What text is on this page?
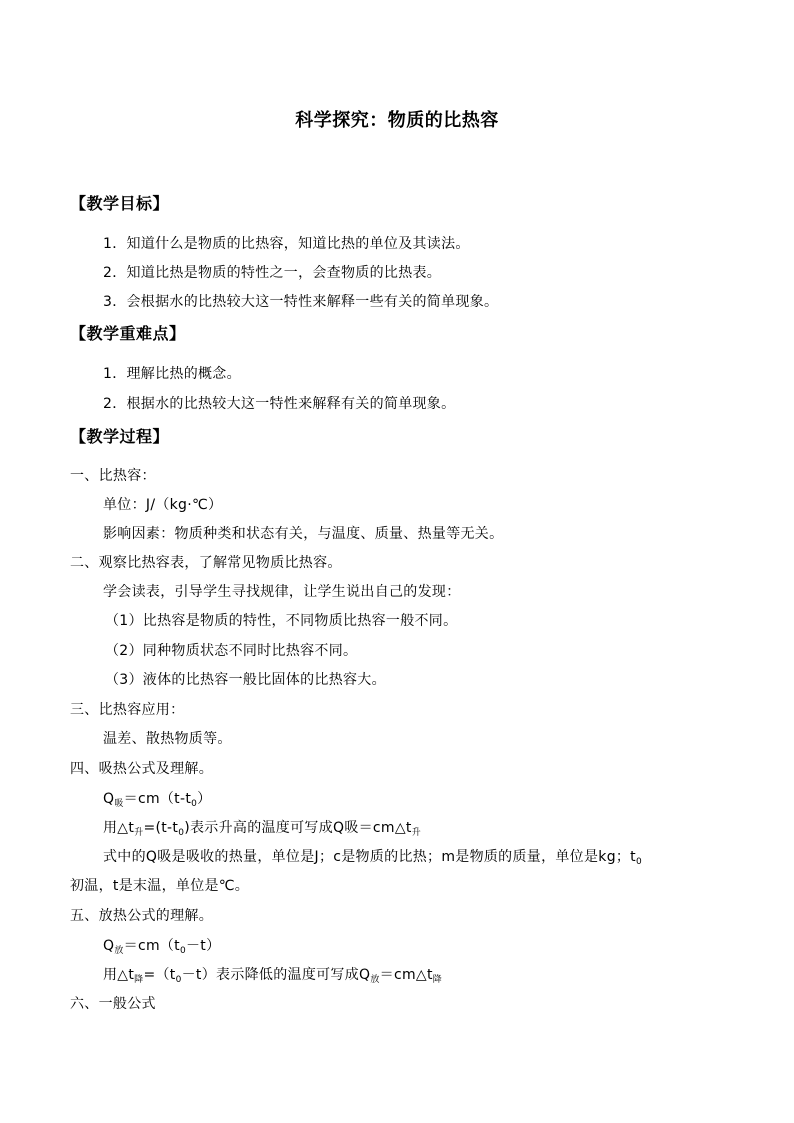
科学探究：物质的比热容
【教学目标】
1．知道什么是物质的比热容，知道比热的单位及其读法。
2．知道比热是物质的特性之一，会查物质的比热表。
3．会根据水的比热较大这一特性来解释一些有关的简单现象。
【教学重难点】
1．理解比热的概念。
2．根据水的比热较大这一特性来解释有关的简单现象。
【教学过程】
一、比热容：
单位：J/（kg·℃）
影响因素：物质种类和状态有关，与温度、质量、热量等无关。
二、观察比热容表，了解常见物质比热容。
学会读表，引导学生寻找规律，让学生说出自己的发现：
（1）比热容是物质的特性，不同物质比热容一般不同。
（2）同种物质状态不同时比热容不同。
（3）液体的比热容一般比固体的比热容大。
三、比热容应用：
温差、散热物质等。
四、吸热公式及理解。
$Q_吸=cm(t-t_0)$
用$\triangle t_升=(t-t_0)$表示升高的温度可写成Q吸$=cm\triangle t_升$
式中的Q吸是吸收的热量，单位是J；c是物质的比热；m是物质的质量，单位是kg；$t_0$
初温，t是末温，单位是℃。
五、放热公式的理解。
$Q_放=cm(t_0-t)$
用$\triangle t_降=(t_0-t)$表示降低的温度可写成$Q_放=cm\triangle t_降$
六、一般公式
